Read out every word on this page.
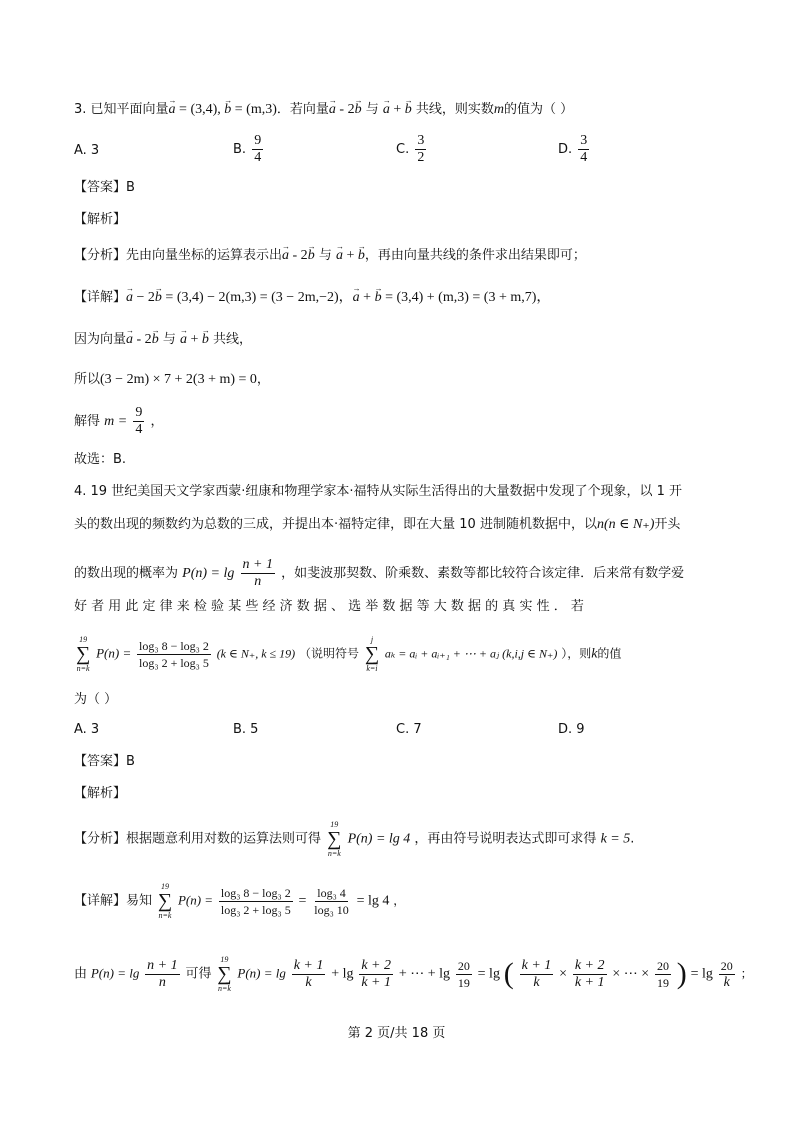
3. 已知平面向量→ a = (3,4), → b = (m,3)．若向量→ a - 2→ b 与 → a + → b 共线，则实数m的值为（ ）
A. 3	B. $\frac{9}{4}$	C. $\frac{3}{2}$	D. $\frac{3}{4}$
【答案】B
【解析】
【分析】先由向量坐标的运算表示出→ a - 2→ b 与 → a + → b，再由向量共线的条件求出结果即可；
【详解】→ a − 2→ b = (3,4) − 2(m,3) = (3 − 2m,−2)，→ a + → b = (3,4) + (m,3) = (3 + m,7)，
因为向量→ a - 2→ b 与 → a + → b 共线，
所以(3 − 2m) × 7 + 2(3 + m) = 0，
解得 $m = \frac{9}{4}$ ，
故选：B.
4. 19 世纪美国天文学家西蒙·纽康和物理学家本·福特从实际生活得出的大量数据中发现了个现象，以 1 开
头的数出现的频数约为总数的三成，并提出本·福特定律，即在大量 10 进制随机数据中，以n(n ∈ N₊)开头
的数出现的概率为 $P(n) = \lg \frac{n + 1}{n}$ ，如斐波那契数、阶乘数、素数等都比较符合该定律．后来常有数学爱
好 者 用 此 定 律 来 检 验 某 些 经 济 数 据 、 选 举 数 据 等 大 数 据 的 真 实 性 ． 若
19
∑
n=k
$P(n) = \frac{\text{log₃ 8 − log₃ 2}}{\text{log₃ 2 + log₃ 5}} (k$ ∈ N₊, k ≤ 19) （说明符号
j
∑
k=i
aₖ = aᵢ + aᵢ₊₁ + ⋯ + aⱼ (k,i,j ∈ N₊) ），则k的值
为（ ）
A. 3	B. 5	C. 7	D. 9
【答案】B
【解析】
【分析】根据题意利用对数的运算法则可得
19
∑
n=k
P(n) = lg 4 ，再由符号说明表达式即可求得 k = 5.
【详解】易知
19
∑
n=k
$P(n) = \frac{\text{log₃ 8 − log₃ 2}}{\text{log₃ 2 + log₃ 5}} = \frac{\text{log₃ 4}}{\text{log₃ 10}} = \lg 4$ ，
由 $P(n) = \lg \frac{n + 1}{n}$ 可得
19
∑
n=k
$P(n) = \lg \frac{k + 1}{k} + \lg \frac{k + 2}{k + 1}$ + ⋯ + $\lg \frac{20}{19} = \lg$ ( $\frac{k + 1}{k} \times \frac{k + 2}{k + 1}$ × ⋯ × $\frac{20}{19}$ ) = $\lg \frac{20}{k}$ ；
第 2 页/共 18 页
